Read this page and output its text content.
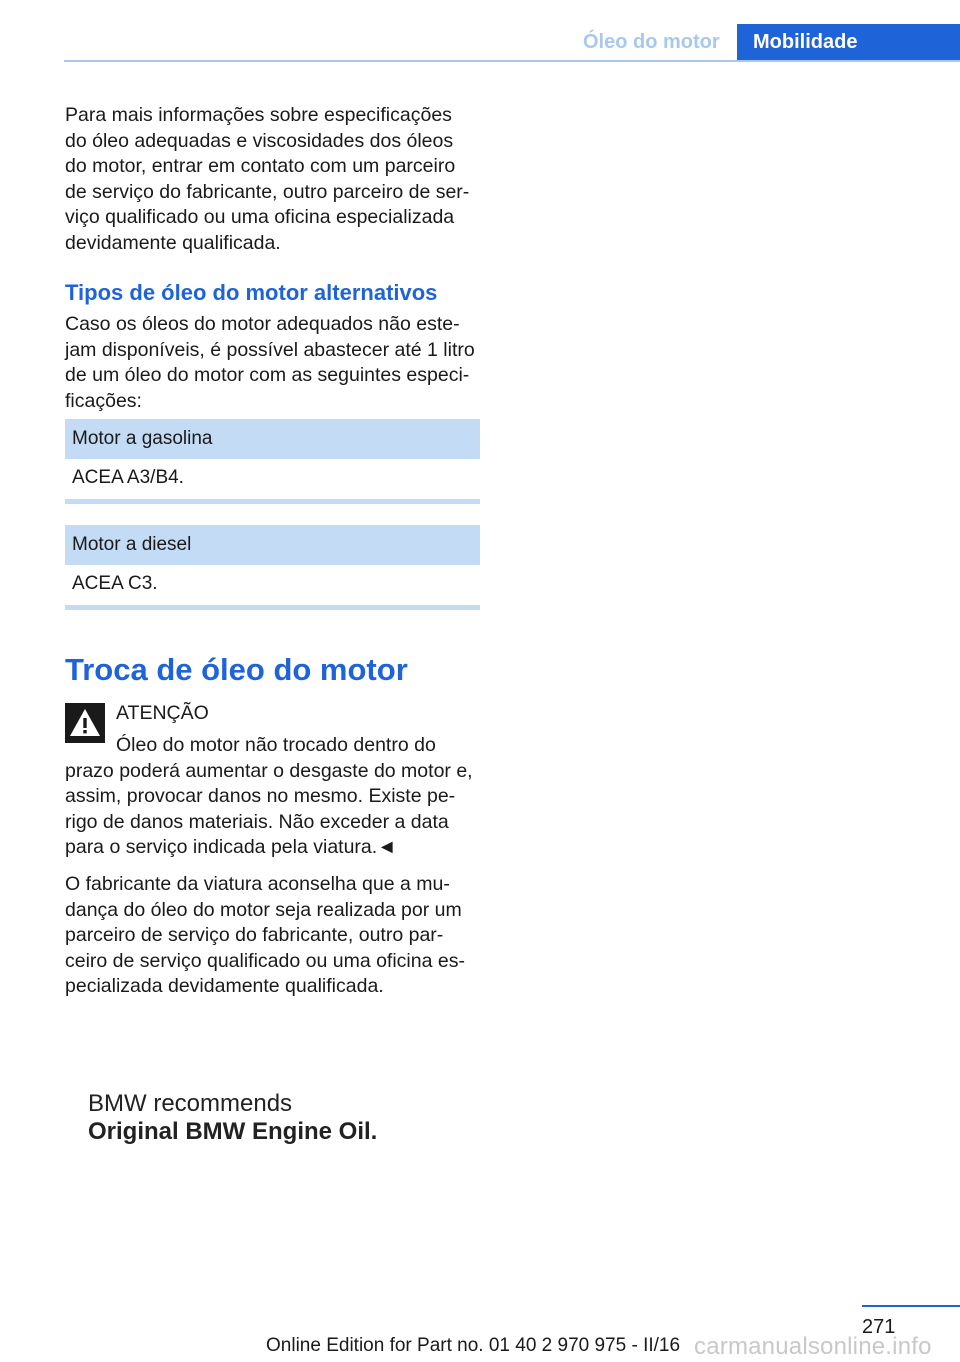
Óleo do motor Mobilidade
Para mais informações sobre especificações
do óleo adequadas e viscosidades dos óleos
do motor, entrar em contato com um parceiro
de serviço do fabricante, outro parceiro de ser‐
viço qualificado ou uma oficina especializada
devidamente qualificada.
Tipos de óleo do motor alternativos
Caso os óleos do motor adequados não este‐
jam disponíveis, é possível abastecer até 1 litro
de um óleo do motor com as seguintes especi‐
ficações:
Motor a gasolina
ACEA A3/B4.
Motor a diesel
ACEA C3.
Troca de óleo do motor
ATENÇÃO
Óleo do motor não trocado dentro do
prazo poderá aumentar o desgaste do motor e,
assim, provocar danos no mesmo. Existe pe‐
rigo de danos materiais. Não exceder a data
para o serviço indicada pela viatura.◄
O fabricante da viatura aconselha que a mu‐
dança do óleo do motor seja realizada por um
parceiro de serviço do fabricante, outro par‐
ceiro de serviço qualificado ou uma oficina es‐
pecializada devidamente qualificada.
BMW recommends
Original BMW Engine Oil.
271
Online Edition for Part no. 01 40 2 970 975 - II/16 carmanualsonline.info
